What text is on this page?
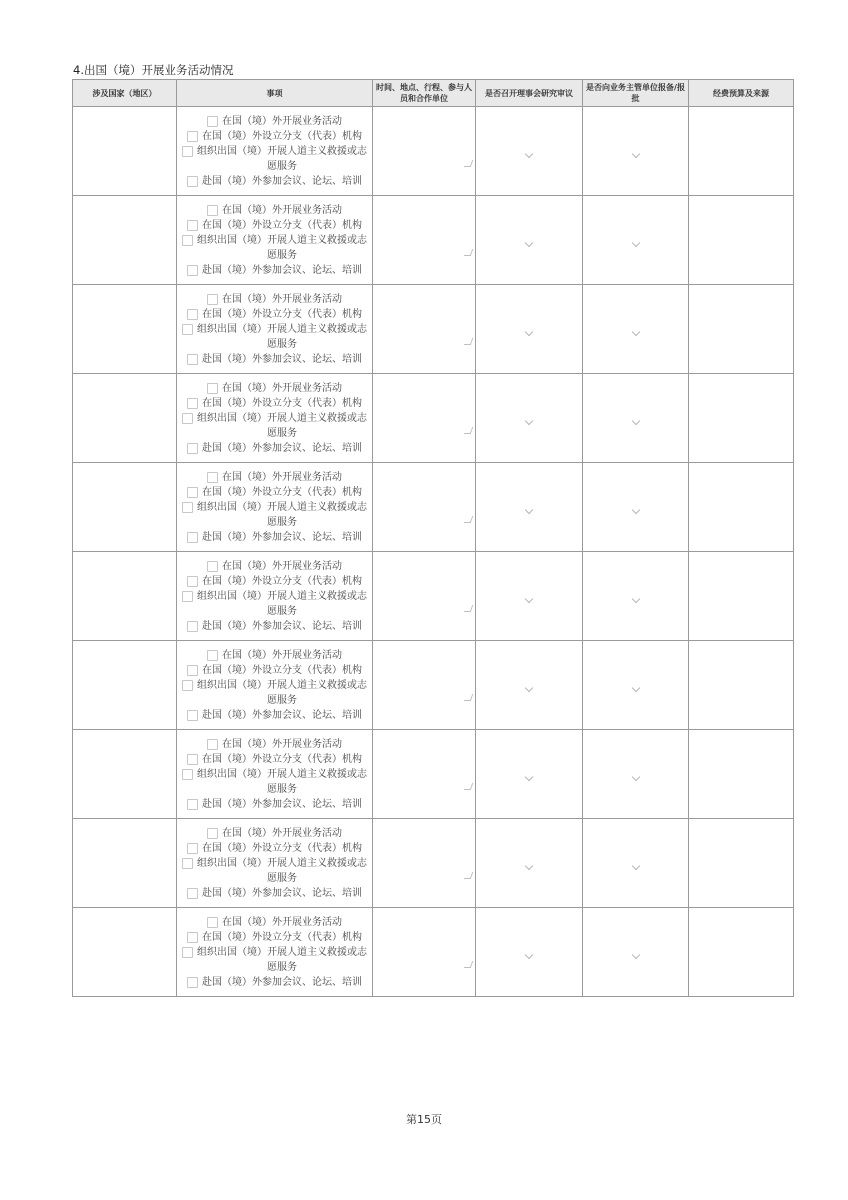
4.出国（境）开展业务活动情况
涉及国家（地区）	事项	时间、地点、行程、参与人员和合作单位	是否召开理事会研究审议	是否向业务主管单位报备/报批	经费预算及来源

	在国（境）外开展业务活动
在国（境）外设立分支（代表）机构
组织出国（境）开展人道主义救援或志愿服务
赴国（境）外参加会议、论坛、培训				

	在国（境）外开展业务活动
在国（境）外设立分支（代表）机构
组织出国（境）开展人道主义救援或志愿服务
赴国（境）外参加会议、论坛、培训				

	在国（境）外开展业务活动
在国（境）外设立分支（代表）机构
组织出国（境）开展人道主义救援或志愿服务
赴国（境）外参加会议、论坛、培训				

	在国（境）外开展业务活动
在国（境）外设立分支（代表）机构
组织出国（境）开展人道主义救援或志愿服务
赴国（境）外参加会议、论坛、培训				

	在国（境）外开展业务活动
在国（境）外设立分支（代表）机构
组织出国（境）开展人道主义救援或志愿服务
赴国（境）外参加会议、论坛、培训				

	在国（境）外开展业务活动
在国（境）外设立分支（代表）机构
组织出国（境）开展人道主义救援或志愿服务
赴国（境）外参加会议、论坛、培训				

	在国（境）外开展业务活动
在国（境）外设立分支（代表）机构
组织出国（境）开展人道主义救援或志愿服务
赴国（境）外参加会议、论坛、培训				

	在国（境）外开展业务活动
在国（境）外设立分支（代表）机构
组织出国（境）开展人道主义救援或志愿服务
赴国（境）外参加会议、论坛、培训				

	在国（境）外开展业务活动
在国（境）外设立分支（代表）机构
组织出国（境）开展人道主义救援或志愿服务
赴国（境）外参加会议、论坛、培训				

	在国（境）外开展业务活动
在国（境）外设立分支（代表）机构
组织出国（境）开展人道主义救援或志愿服务
赴国（境）外参加会议、论坛、培训				

第15页
